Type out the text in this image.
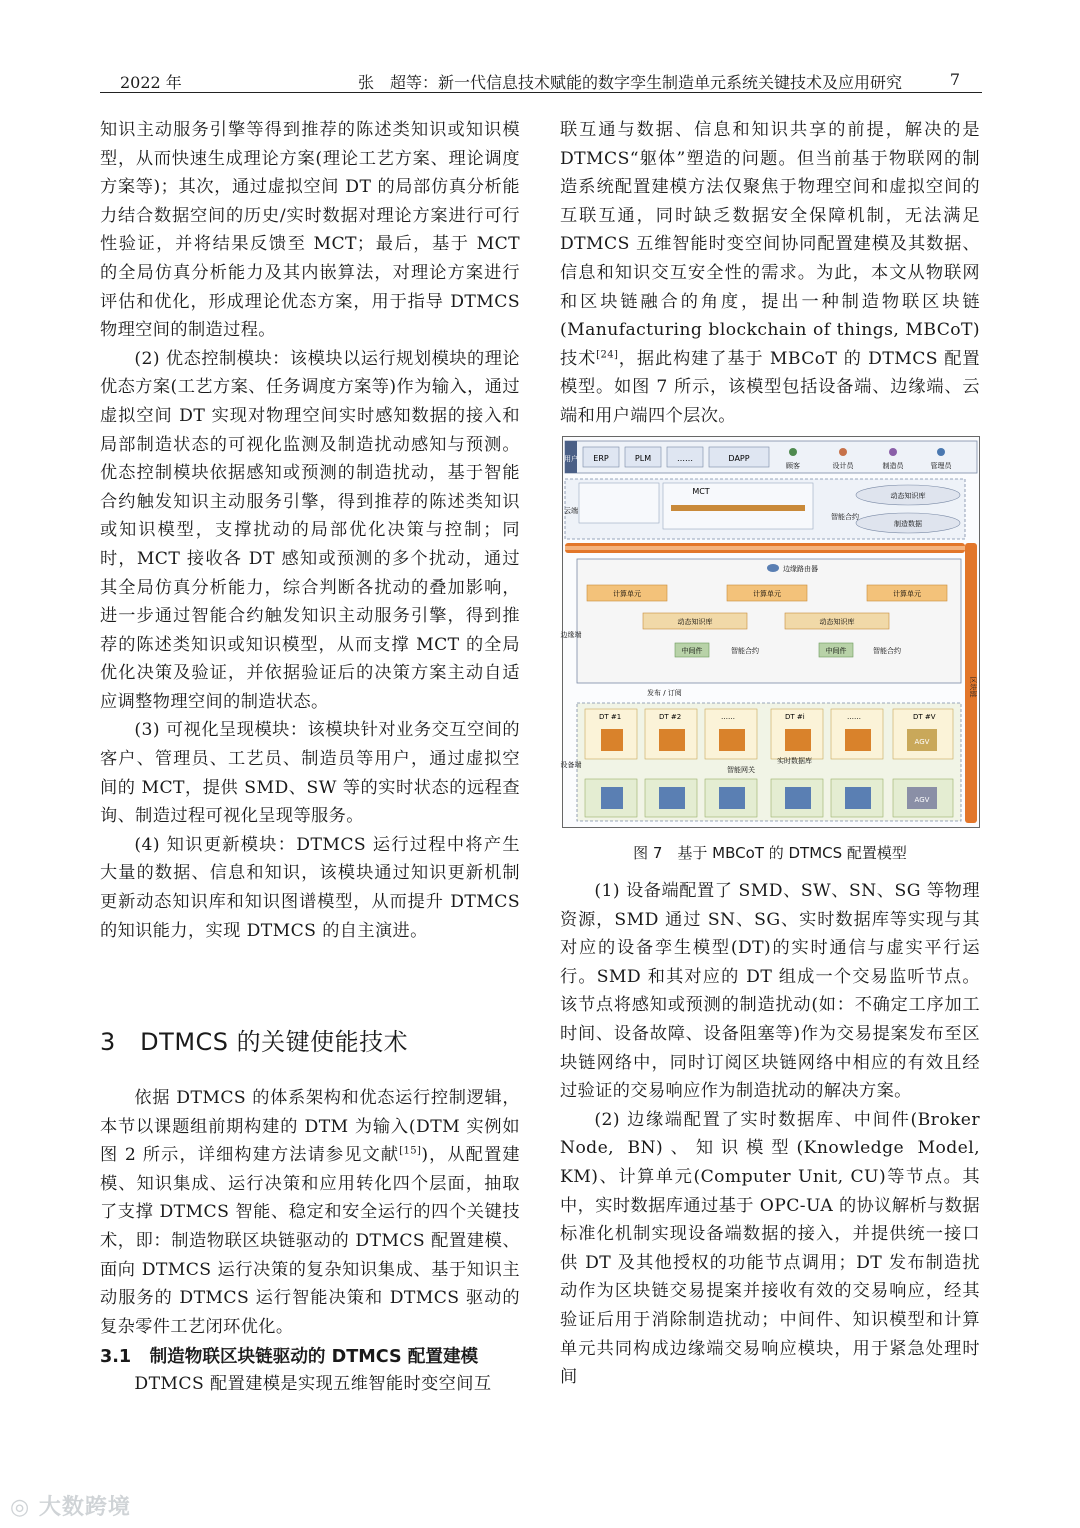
2022 年	张　超等：新一代信息技术赋能的数字孪生制造单元系统关键技术及应用研究	7

知识主动服务引擎等得到推荐的陈述类知识或知识模型，从而快速生成理论方案(理论工艺方案、理论调度方案等)；其次，通过虚拟空间 DT 的局部仿真分析能力结合数据空间的历史/实时数据对理论方案进行可行性验证，并将结果反馈至 MCT；最后，基于 MCT 的全局仿真分析能力及其内嵌算法，对理论方案进行评估和优化，形成理论优态方案，用于指导 DTMCS 物理空间的制造过程。

(2) 优态控制模块：该模块以运行规划模块的理论优态方案(工艺方案、任务调度方案等)作为输入，通过虚拟空间 DT 实现对物理空间实时感知数据的接入和局部制造状态的可视化监测及制造扰动感知与预测。优态控制模块依据感知或预测的制造扰动，基于智能合约触发知识主动服务引擎，得到推荐的陈述类知识或知识模型，支撑扰动的局部优化决策与控制；同时，MCT 接收各 DT 感知或预测的多个扰动，通过其全局仿真分析能力，综合判断各扰动的叠加影响，进一步通过智能合约触发知识主动服务引擎，得到推荐的陈述类知识或知识模型，从而支撑 MCT 的全局优化决策及验证，并依据验证后的决策方案主动自适应调整物理空间的制造状态。

(3) 可视化呈现模块：该模块针对业务交互空间的客户、管理员、工艺员、制造员等用户，通过虚拟空间的 MCT，提供 SMD、SW 等的实时状态的远程查询、制造过程可视化呈现等服务。

(4) 知识更新模块：DTMCS 运行过程中将产生大量的数据、信息和知识，该模块通过知识更新机制更新动态知识库和知识图谱模型，从而提升 DTMCS 的知识能力，实现 DTMCS 的自主演进。

3 DTMCS 的关键使能技术

依据 DTMCS 的体系架构和优态运行控制逻辑，本节以课题组前期构建的 DTM 为输入(DTM 实例如图 2 所示，详细构建方法请参见文献[15])，从配置建模、知识集成、运行决策和应用转化四个层面，抽取了支撑 DTMCS 智能、稳定和安全运行的四个关键技术，即：制造物联区块链驱动的 DTMCS 配置建模、面向 DTMCS 运行决策的复杂知识集成、基于知识主动服务的 DTMCS 运行智能决策和 DTMCS 驱动的复杂零件工艺闭环优化。

3.1 制造物联区块链驱动的 DTMCS 配置建模

DTMCS 配置建模是实现五维智能时变空间互

联互通与数据、信息和知识共享的前提，解决的是 DTMCS“躯体”塑造的问题。但当前基于物联网的制造系统配置建模方法仅聚焦于物理空间和虚拟空间的互联互通，同时缺乏数据安全保障机制，无法满足 DTMCS 五维智能时变空间协同配置建模及其数据、信息和知识交互安全性的需求。为此，本文从物联网和区块链融合的角度，提出一种制造物联区块链(Manufacturing blockchain of things, MBCoT)技术[24]，据此构建了基于 MBCoT 的 DTMCS 配置模型。如图 7 所示，该模型包括设备端、边缘端、云端和用户端四个层次。

用户 ERP	PLM	……	DAPP
顾客	设计员	制造员	管理员
云端
MCT
智能合约
动态知识库
制造数据
区块链
边缘端
边缘路由器
计算单元	计算单元	计算单元
动态知识库	动态知识库
中间件	智能合约	中间件	智能合约
发布 / 订阅
设备端
DT #1	DT #2	……	DT #i	……	DT #V
AGV
智能网关
实时数据库
AGV
图 7　基于 MBCoT 的 DTMCS 配置模型

(1) 设备端配置了 SMD、SW、SN、SG 等物理资源，SMD 通过 SN、SG、实时数据库等实现与其对应的设备孪生模型(DT)的实时通信与虚实平行运行。SMD 和其对应的 DT 组成一个交易监听节点。该节点将感知或预测的制造扰动(如：不确定工序加工时间、设备故障、设备阻塞等)作为交易提案发布至区块链网络中，同时订阅区块链网络中相应的有效且经过验证的交易响应作为制造扰动的解决方案。

(2) 边缘端配置了实时数据库、中间件(Broker Node, BN)、知识模型(Knowledge Model, KM)、计算单元(Computer Unit, CU)等节点。其中，实时数据库通过基于 OPC-UA 的协议解析与数据标准化机制实现设备端数据的接入，并提供统一接口供 DT 及其他授权的功能节点调用；DT 发布制造扰动作为区块链交易提案并接收有效的交易响应，经其验证后用于消除制造扰动；中间件、知识模型和计算单元共同构成边缘端交易响应模块，用于紧急处理时间

◎ 大数跨境
